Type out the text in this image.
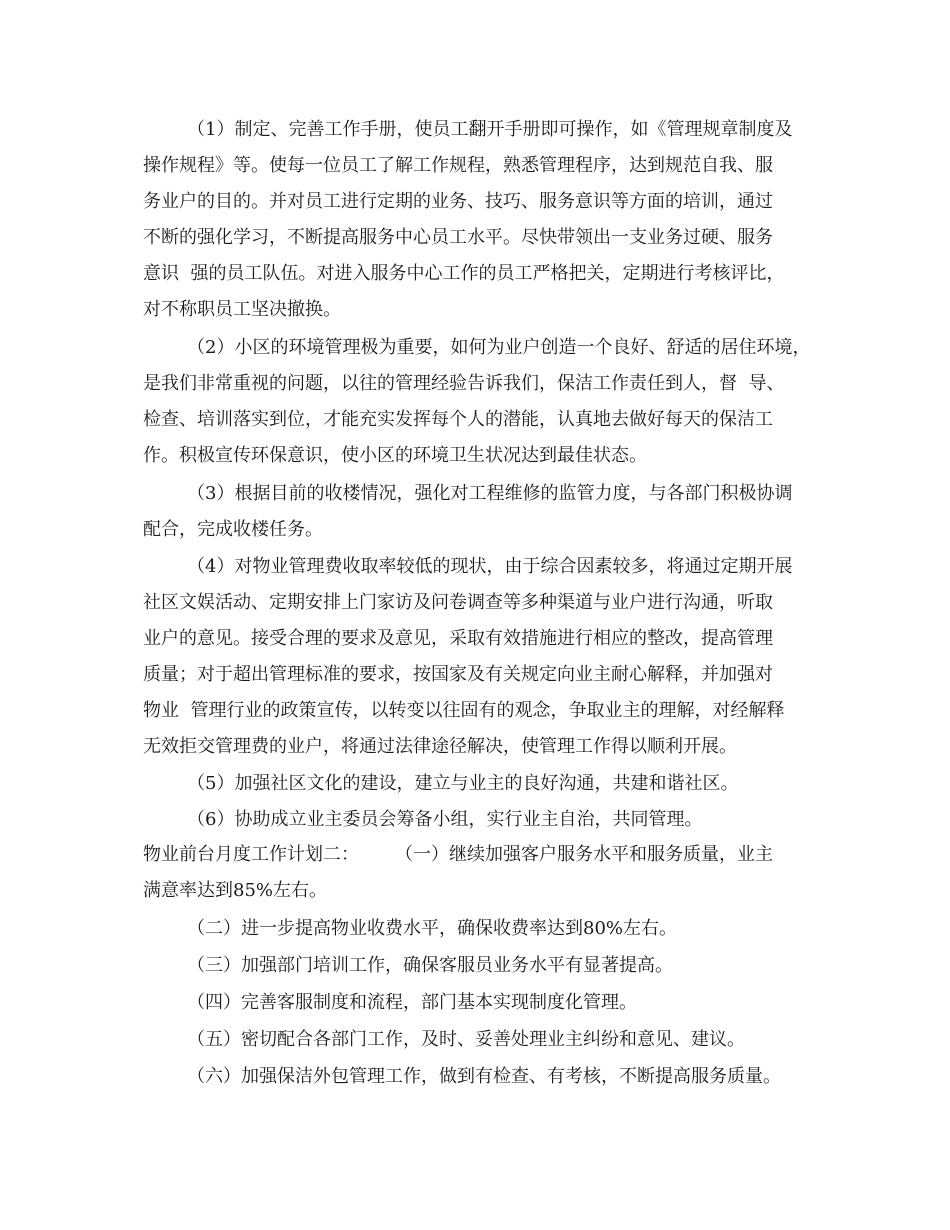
（1）制定、完善工作手册，使员工翻开手册即可操作，如《管理规章制度及

操作规程》等。使每一位员工了解工作规程，熟悉管理程序，达到规范自我、服

务业户的目的。并对员工进行定期的业务、技巧、服务意识等方面的培训，通过

不断的强化学习，不断提高服务中心员工水平。尽快带领出一支业务过硬、服务

意识  强的员工队伍。对进入服务中心工作的员工严格把关，定期进行考核评比，

对不称职员工坚决撤换。

（2）小区的环境管理极为重要，如何为业户创造一个良好、舒适的居住环境，

是我们非常重视的问题，以往的管理经验告诉我们，保洁工作责任到人，督  导、

检查、培训落实到位，才能充实发挥每个人的潜能，认真地去做好每天的保洁工

作。积极宣传环保意识，使小区的环境卫生状况达到最佳状态。

（3）根据目前的收楼情况，强化对工程维修的监管力度，与各部门积极协调

配合，完成收楼任务。

（4）对物业管理费收取率较低的现状，由于综合因素较多，将通过定期开展

社区文娱活动、定期安排上门家访及问卷调查等多种渠道与业户进行沟通，听取

业户的意见。接受合理的要求及意见，采取有效措施进行相应的整改，提高管理

质量；对于超出管理标准的要求，按国家及有关规定向业主耐心解释，并加强对

物业  管理行业的政策宣传，以转变以往固有的观念，争取业主的理解，对经解释

无效拒交管理费的业户，将通过法律途径解决，使管理工作得以顺利开展。

（5）加强社区文化的建设，建立与业主的良好沟通，共建和谐社区。

（6）协助成立业主委员会筹备小组，实行业主自治，共同管理。

物业前台月度工作计划二： （一）继续加强客户服务水平和服务质量，业主

满意率达到85%左右。

（二）进一步提高物业收费水平，确保收费率达到80%左右。

（三）加强部门培训工作，确保客服员业务水平有显著提高。

（四）完善客服制度和流程，部门基本实现制度化管理。

（五）密切配合各部门工作，及时、妥善处理业主纠纷和意见、建议。

（六）加强保洁外包管理工作，做到有检查、有考核，不断提高服务质量。
